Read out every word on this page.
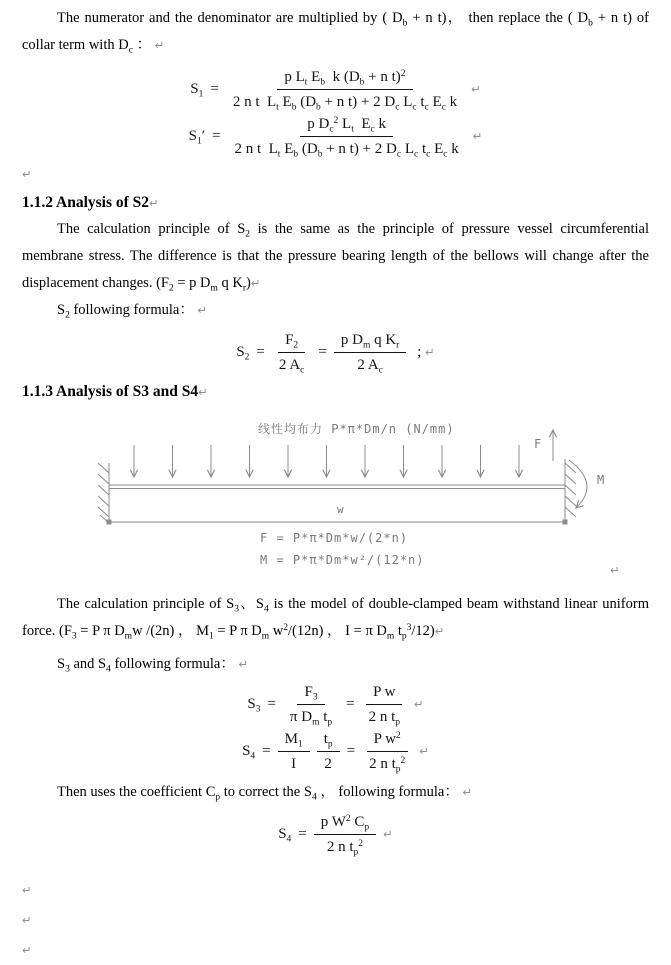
The numerator and the denominator are multiplied by ( $D_b + n$ t)， then replace the ( $D_b + n$ t) of collar term with $D_c$ ： ↵

$S_1 = \frac{p L_t E_b k (D_b + n t)^2}{2 n t L_t E_b (D_b + n t) + 2 D_c L_c t_c E_c k}$ ↵
$S_1' = \frac{p D_c^2 L_t E_c k}{2 n t L_t E_b (D_b + n t) + 2 D_c L_c t_c E_c k}$ ↵

↵

1.1.2 Analysis of S2↵

The calculation principle of $S_2$ is the same as the principle of pressure vessel circumferential membrane stress. The difference is that the pressure bearing length of the bellows will change after the displacement changes. ($F_2 = p$ $D_m$ q $K_r)↵$

$S_2$ following formula： ↵

$S_2 = \frac{F_2}{2 A_c} = \frac{p D_m q K_r}{2 A_c}$ ; ↵
1.1.3 Analysis of S3 and S4↵
线性均布力 P*π*Dm/n (N/mm)
F
M
w
F = P*π*Dm*w/(2*n)
M = P*π*Dm*w²/(12*n)
↵

The calculation principle of $S_3$、$S_4$ is the model of double-clamped beam withstand linear uniform force. ($F_3 = P$ π $D_mw$ /(2n) ， $M_1 = P$ π $D_m$ $w^2/(12n)$ ， I = π $D_m$ $t_p^3/12)↵$

$S_3$ and $S_4$ following formula： ↵

$S_3 = \frac{F_3}{\pi D_m t_p} = \frac{\text{P w}}{2 n t_p}$ ↵
$S_4 = \frac{M_1}{I} \frac{t_p}{2} = \frac{P w^2}{2 n t_p^2}$ ↵

Then uses the coefficient $C_p$ to correct the $S_4$ ， following formula： ↵

$S_4 = \frac{p W^2 C_p}{2 n t_p^2}$ ↵

↵

↵

↵
